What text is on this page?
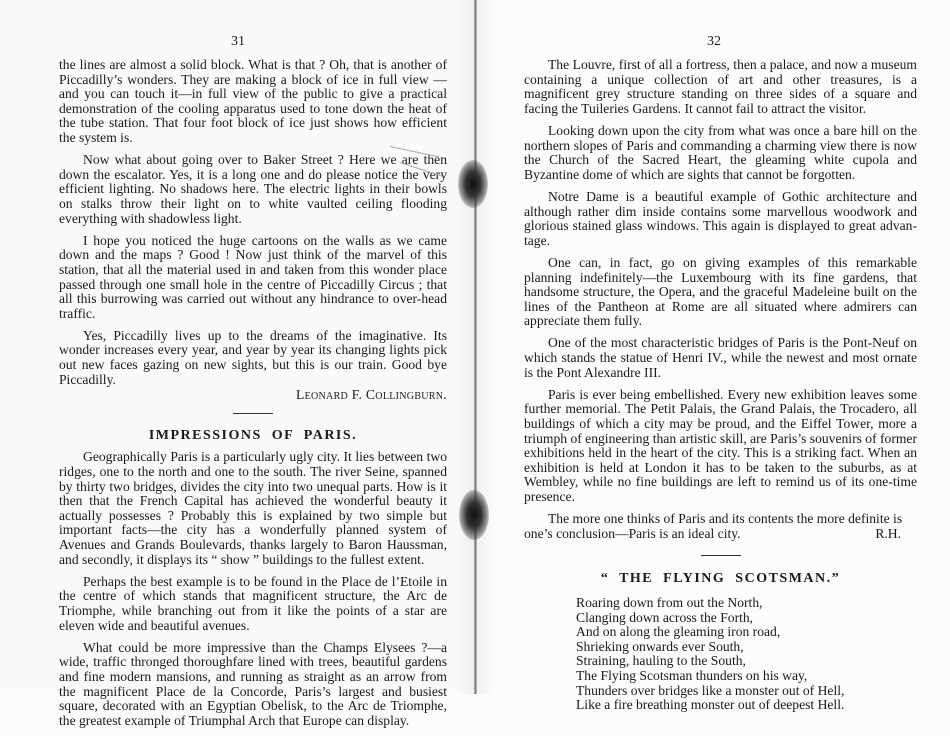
31

the lines are almost a solid block. What is that ? Oh, that is another of Piccadilly’s wonders. They are making a block of ice in full view —and you can touch it—in full view of the public to give a practical demonstration of the cooling apparatus used to tone down the heat of the tube station. That four foot block of ice just shows how efficient the system is.

Now what about going over to Baker Street ? Here we are then down the escalator. Yes, it is a long one and do please notice the very efficient lighting. No shadows here. The electric lights in their bowls on stalks throw their light on to white vaulted ceiling flooding everything with shadowless light.

I hope you noticed the huge cartoons on the walls as we came down and the maps ? Good ! Now just think of the marvel of this station, that all the material used in and taken from this wonder place passed through one small hole in the centre of Piccadilly Circus ; that all this burrowing was carried out without any hindrance to over-head traffic.

Yes, Piccadilly lives up to the dreams of the imaginative. Its wonder increases every year, and year by year its changing lights pick out new faces gazing on new sights, but this is our train. Good bye Piccadilly.

Leonard F. Collingburn.
IMPRESSIONS OF PARIS.

Geographically Paris is a particularly ugly city. It lies between two ridges, one to the north and one to the south. The river Seine, spanned by thirty two bridges, divides the city into two unequal parts. How is it then that the French Capital has achieved the wonderful beauty it actually possesses ? Probably this is explained by two simple but important facts—the city has a wonderfully planned system of Avenues and Grands Boulevards, thanks largely to Baron Haussman, and secondly, it displays its “ show ” buildings to the fullest extent.

Perhaps the best example is to be found in the Place de l’Etoile in the centre of which stands that magnificent structure, the Arc de Triomphe, while branching out from it like the points of a star are eleven wide and beautiful avenues.

What could be more impressive than the Champs Elysees ?—a wide, traffic thronged thoroughfare lined with trees, beautiful gardens and fine modern mansions, and running as straight as an arrow from the magnificent Place de la Concorde, Paris’s largest and busiest square, decorated with an Egyptian Obelisk, to the Arc de Triomphe, the greatest example of Triumphal Arch that Europe can display.

32

The Louvre, first of all a fortress, then a palace, and now a museum containing a unique collection of art and other treasures, is a magnificent grey structure standing on three sides of a square and facing the Tuileries Gardens. It cannot fail to attract the visitor.

Looking down upon the city from what was once a bare hill on the northern slopes of Paris and commanding a charming view there is now the Church of the Sacred Heart, the gleaming white cupola and Byzantine dome of which are sights that cannot be forgotten.

Notre Dame is a beautiful example of Gothic architecture and although rather dim inside contains some marvellous woodwork and glorious stained glass windows. This again is displayed to great advan-tage.

One can, in fact, go on giving examples of this remarkable planning indefinitely—the Luxembourg with its fine gardens, that handsome structure, the Opera, and the graceful Madeleine built on the lines of the Pantheon at Rome are all situated where admirers can appreciate them fully.

One of the most characteristic bridges of Paris is the Pont-Neuf on which stands the statue of Henri IV., while the newest and most ornate is the Pont Alexandre III.

Paris is ever being embellished. Every new exhibition leaves some further memorial. The Petit Palais, the Grand Palais, the Trocadero, all buildings of which a city may be proud, and the Eiffel Tower, more a triumph of engineering than artistic skill, are Paris’s souvenirs of former exhibitions held in the heart of the city. This is a striking fact. When an exhibition is held at London it has to be taken to the suburbs, as at Wembley, while no fine buildings are left to remind us of its one-time presence.

The more one thinks of Paris and its contents the more definite is
one’s conclusion—Paris is an ideal city.	R.H.
“ THE FLYING SCOTSMAN.”
Roaring down from out the North,
Clanging down across the Forth,
And on along the gleaming iron road,
Shrieking onwards ever South,
Straining, hauling to the South,
The Flying Scotsman thunders on his way,
Thunders over bridges like a monster out of Hell,
Like a fire breathing monster out of deepest Hell.
